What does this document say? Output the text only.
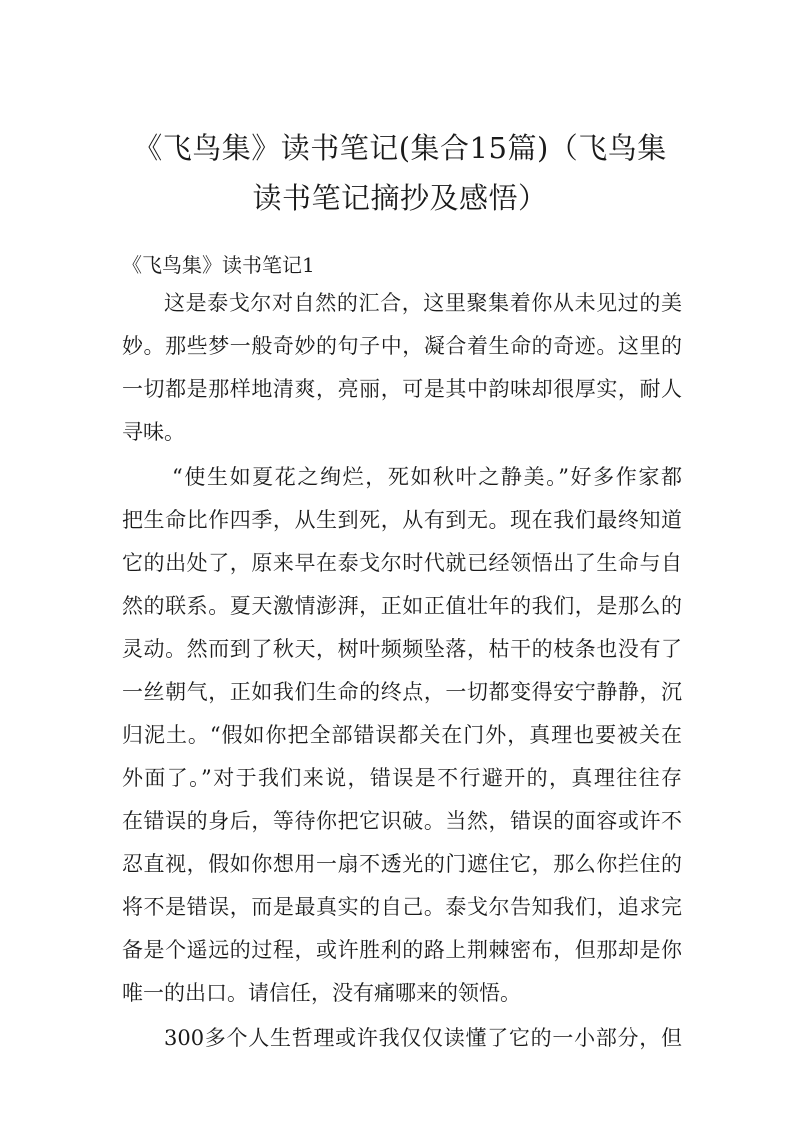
《飞鸟集》读书笔记(集合15篇)（飞鸟集
读书笔记摘抄及感悟）

《飞鸟集》读书笔记1

这是泰戈尔对自然的汇合，这里聚集着你从未见过的美

妙。那些梦一般奇妙的句子中，凝合着生命的奇迹。这里的

一切都是那样地清爽，亮丽，可是其中韵味却很厚实，耐人

寻味。

“使生如夏花之绚烂，死如秋叶之静美。”好多作家都

把生命比作四季，从生到死，从有到无。现在我们最终知道

它的出处了，原来早在泰戈尔时代就已经领悟出了生命与自

然的联系。夏天激情澎湃，正如正值壮年的我们，是那么的

灵动。然而到了秋天，树叶频频坠落，枯干的枝条也没有了

一丝朝气，正如我们生命的终点，一切都变得安宁静静，沉

归泥土。“假如你把全部错误都关在门外，真理也要被关在

外面了。”对于我们来说，错误是不行避开的，真理往往存

在错误的身后，等待你把它识破。当然，错误的面容或许不

忍直视，假如你想用一扇不透光的门遮住它，那么你拦住的

将不是错误，而是最真实的自己。泰戈尔告知我们，追求完

备是个遥远的过程，或许胜利的路上荆棘密布，但那却是你

唯一的出口。请信任，没有痛哪来的领悟。

300多个人生哲理或许我仅仅读懂了它的一小部分，但
